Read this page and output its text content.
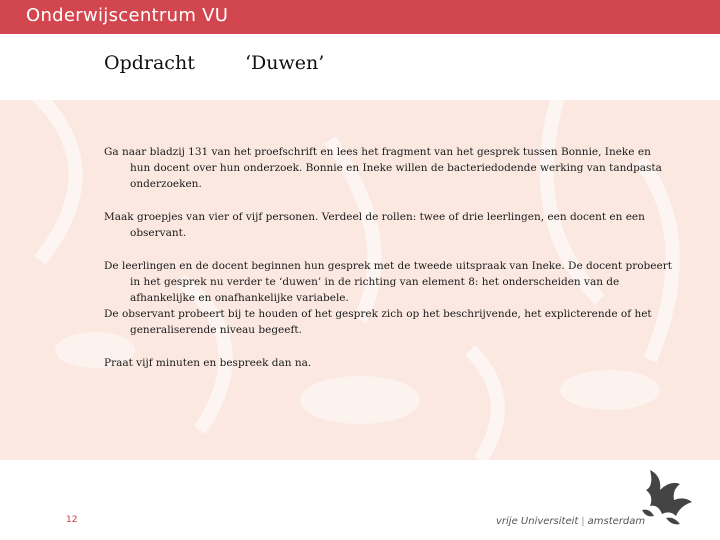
Onderwijscentrum VU
Opdracht	‘Duwen’

Ga naar bladzij 131 van het proefschrift en lees het fragment van het gesprek tussen Bonnie, Ineke en hun docent over hun onderzoek. Bonnie en Ineke willen de bacteriedodende werking van tandpasta onderzoeken.

Maak groepjes van vier of vijf personen. Verdeel de rollen: twee of drie leerlingen, een docent en een observant.

De leerlingen en de docent beginnen hun gesprek met de tweede uitspraak van Ineke. De docent probeert in het gesprek nu verder te ‘duwen’ in de richting van element 8: het onderscheiden van de afhankelijke en onafhankelijke variabele.
De observant probeert bij te houden of het gesprek zich op het beschrijvende, het explicterende of het generaliserende niveau begeeft.

Praat vijf minuten en bespreek dan na.

12	vrije Universiteit | amsterdam
